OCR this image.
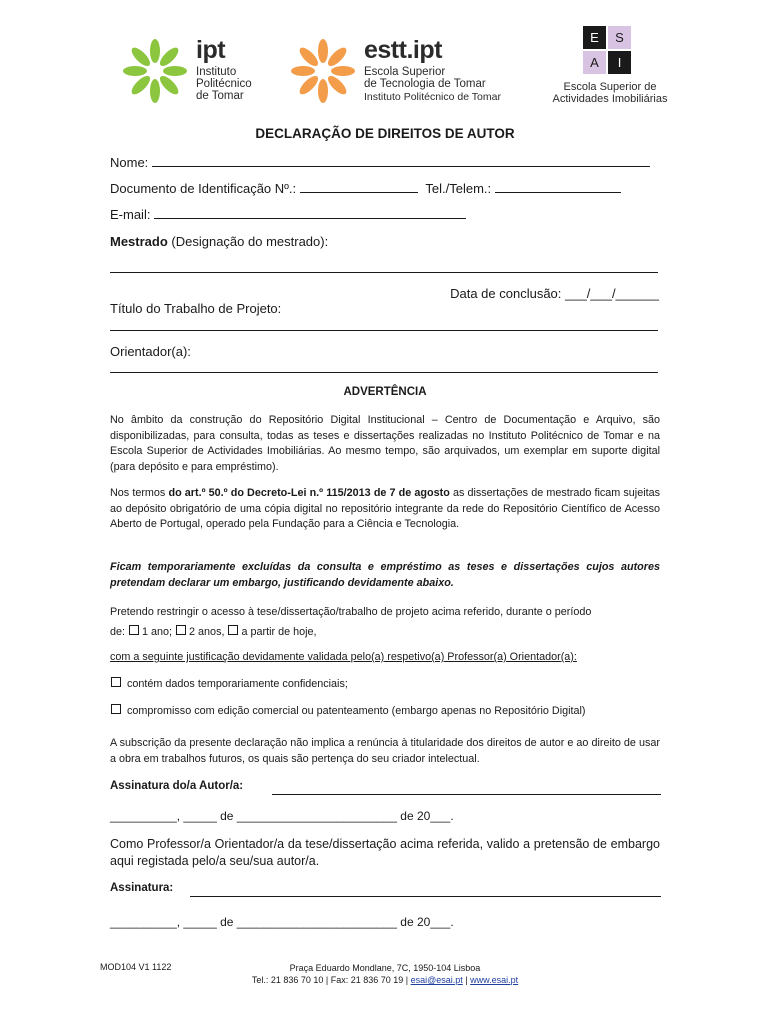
ipt
Instituto
Politécnico
de Tomar
estt.ipt
Escola Superior
de Tecnologia de Tomar
Instituto Politécnico de Tomar
E	S
A	I
Escola Superior de
Actividades Imobiliárias
DECLARAÇÃO DE DIREITOS DE AUTOR
Nome:
Documento de Identificação Nº.:	Tel./Telem.:
E-mail:
Mestrado (Designação do mestrado):
Data de conclusão: ___/___/______
Título do Trabalho de Projeto:
Orientador(a):
ADVERTÊNCIA
No âmbito da construção do Repositório Digital Institucional – Centro de Documentação e Arquivo, são disponibilizadas, para consulta, todas as teses e dissertações realizadas no Instituto Politécnico de Tomar e na Escola Superior de Actividades Imobiliárias. Ao mesmo tempo, são arquivados, um exemplar em suporte digital (para depósito e para empréstimo).
Nos termos do art.º 50.º do Decreto-Lei n.º 115/2013 de 7 de agosto as dissertações de mestrado ficam sujeitas ao depósito obrigatório de uma cópia digital no repositório integrante da rede do Repositório Científico de Acesso Aberto de Portugal, operado pela Fundação para a Ciência e Tecnologia.
Ficam temporariamente excluídas da consulta e empréstimo as teses e dissertações cujos autores pretendam declarar um embargo, justificando devidamente abaixo.
Pretendo restringir o acesso à tese/dissertação/trabalho de projeto acima referido, durante o período
de: 1 ano; 2 anos, a partir de hoje,
com a seguinte justificação devidamente validada pelo(a) respetivo(a) Professor(a) Orientador(a):
contém dados temporariamente confidenciais;
compromisso com edição comercial ou patenteamento (embargo apenas no Repositório Digital)
A subscrição da presente declaração não implica a renúncia à titularidade dos direitos de autor e ao direito de usar a obra em trabalhos futuros, os quais são pertença do seu criador intelectual.
Assinatura do/a Autor/a:
__________, _____ de ________________________ de 20___.
Como Professor/a Orientador/a da tese/dissertação acima referida, valido a pretensão de embargo aqui registada pelo/a seu/sua autor/a.
Assinatura:
__________, _____ de ________________________ de 20___.
MOD104 V1 1122	Praça Eduardo Mondlane, 7C, 1950-104 Lisboa
Tel.: 21 836 70 10 | Fax: 21 836 70 19 | esai@esai.pt | www.esai.pt
